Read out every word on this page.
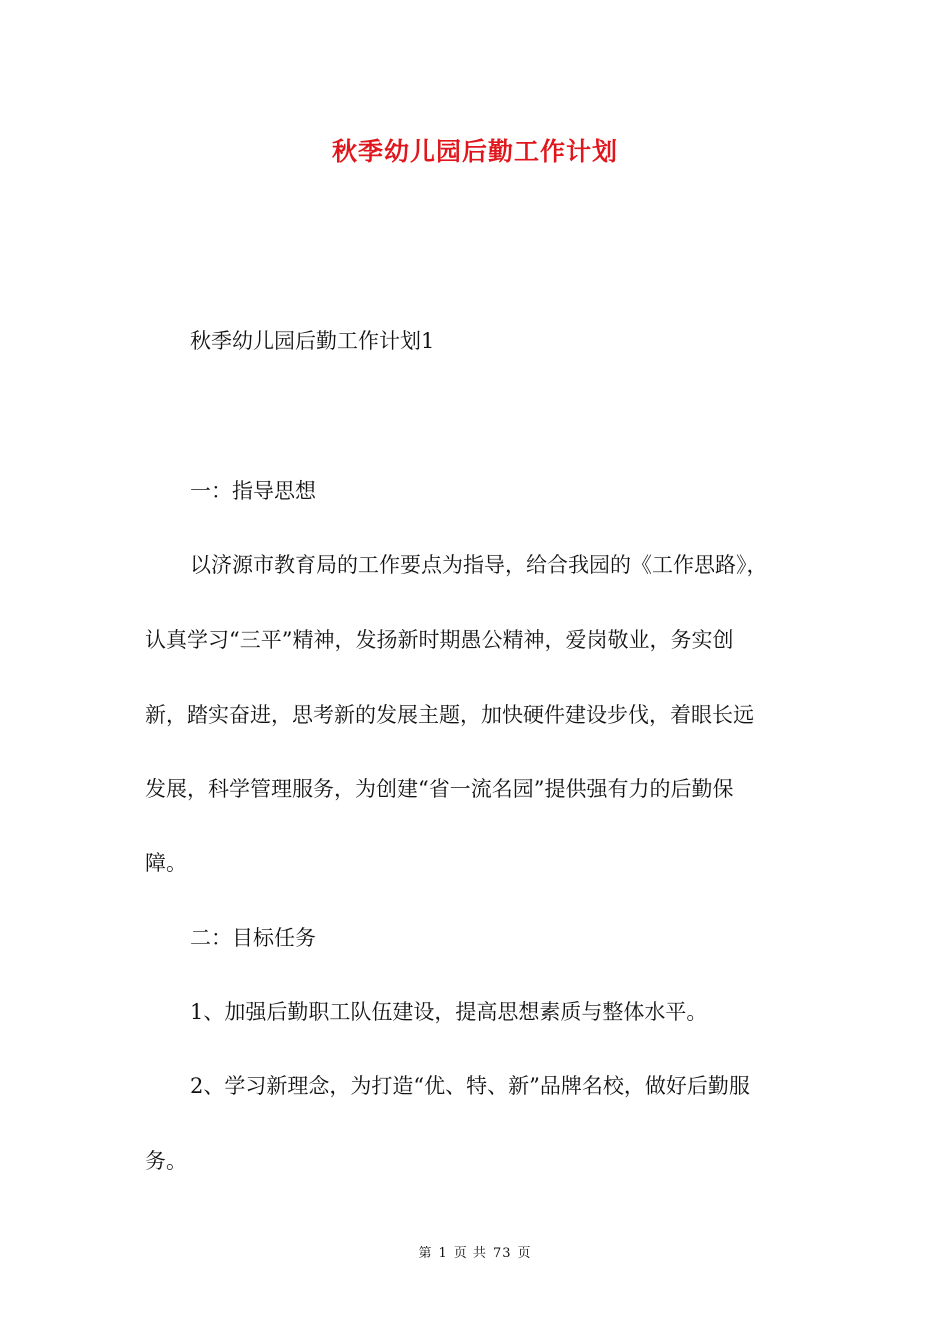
秋季幼儿园后勤工作计划
秋季幼儿园后勤工作计划1
一：指导思想
以济源市教育局的工作要点为指导，给合我园的《工作思路》，
认真学习“三平”精神，发扬新时期愚公精神，爱岗敬业，务实创
新，踏实奋进，思考新的发展主题，加快硬件建设步伐，着眼长远
发展，科学管理服务，为创建“省一流名园”提供强有力的后勤保
障。
二：目标任务
1、加强后勤职工队伍建设，提高思想素质与整体水平。
2、学习新理念，为打造“优、特、新”品牌名校，做好后勤服
务。
第 1 页 共 73 页
